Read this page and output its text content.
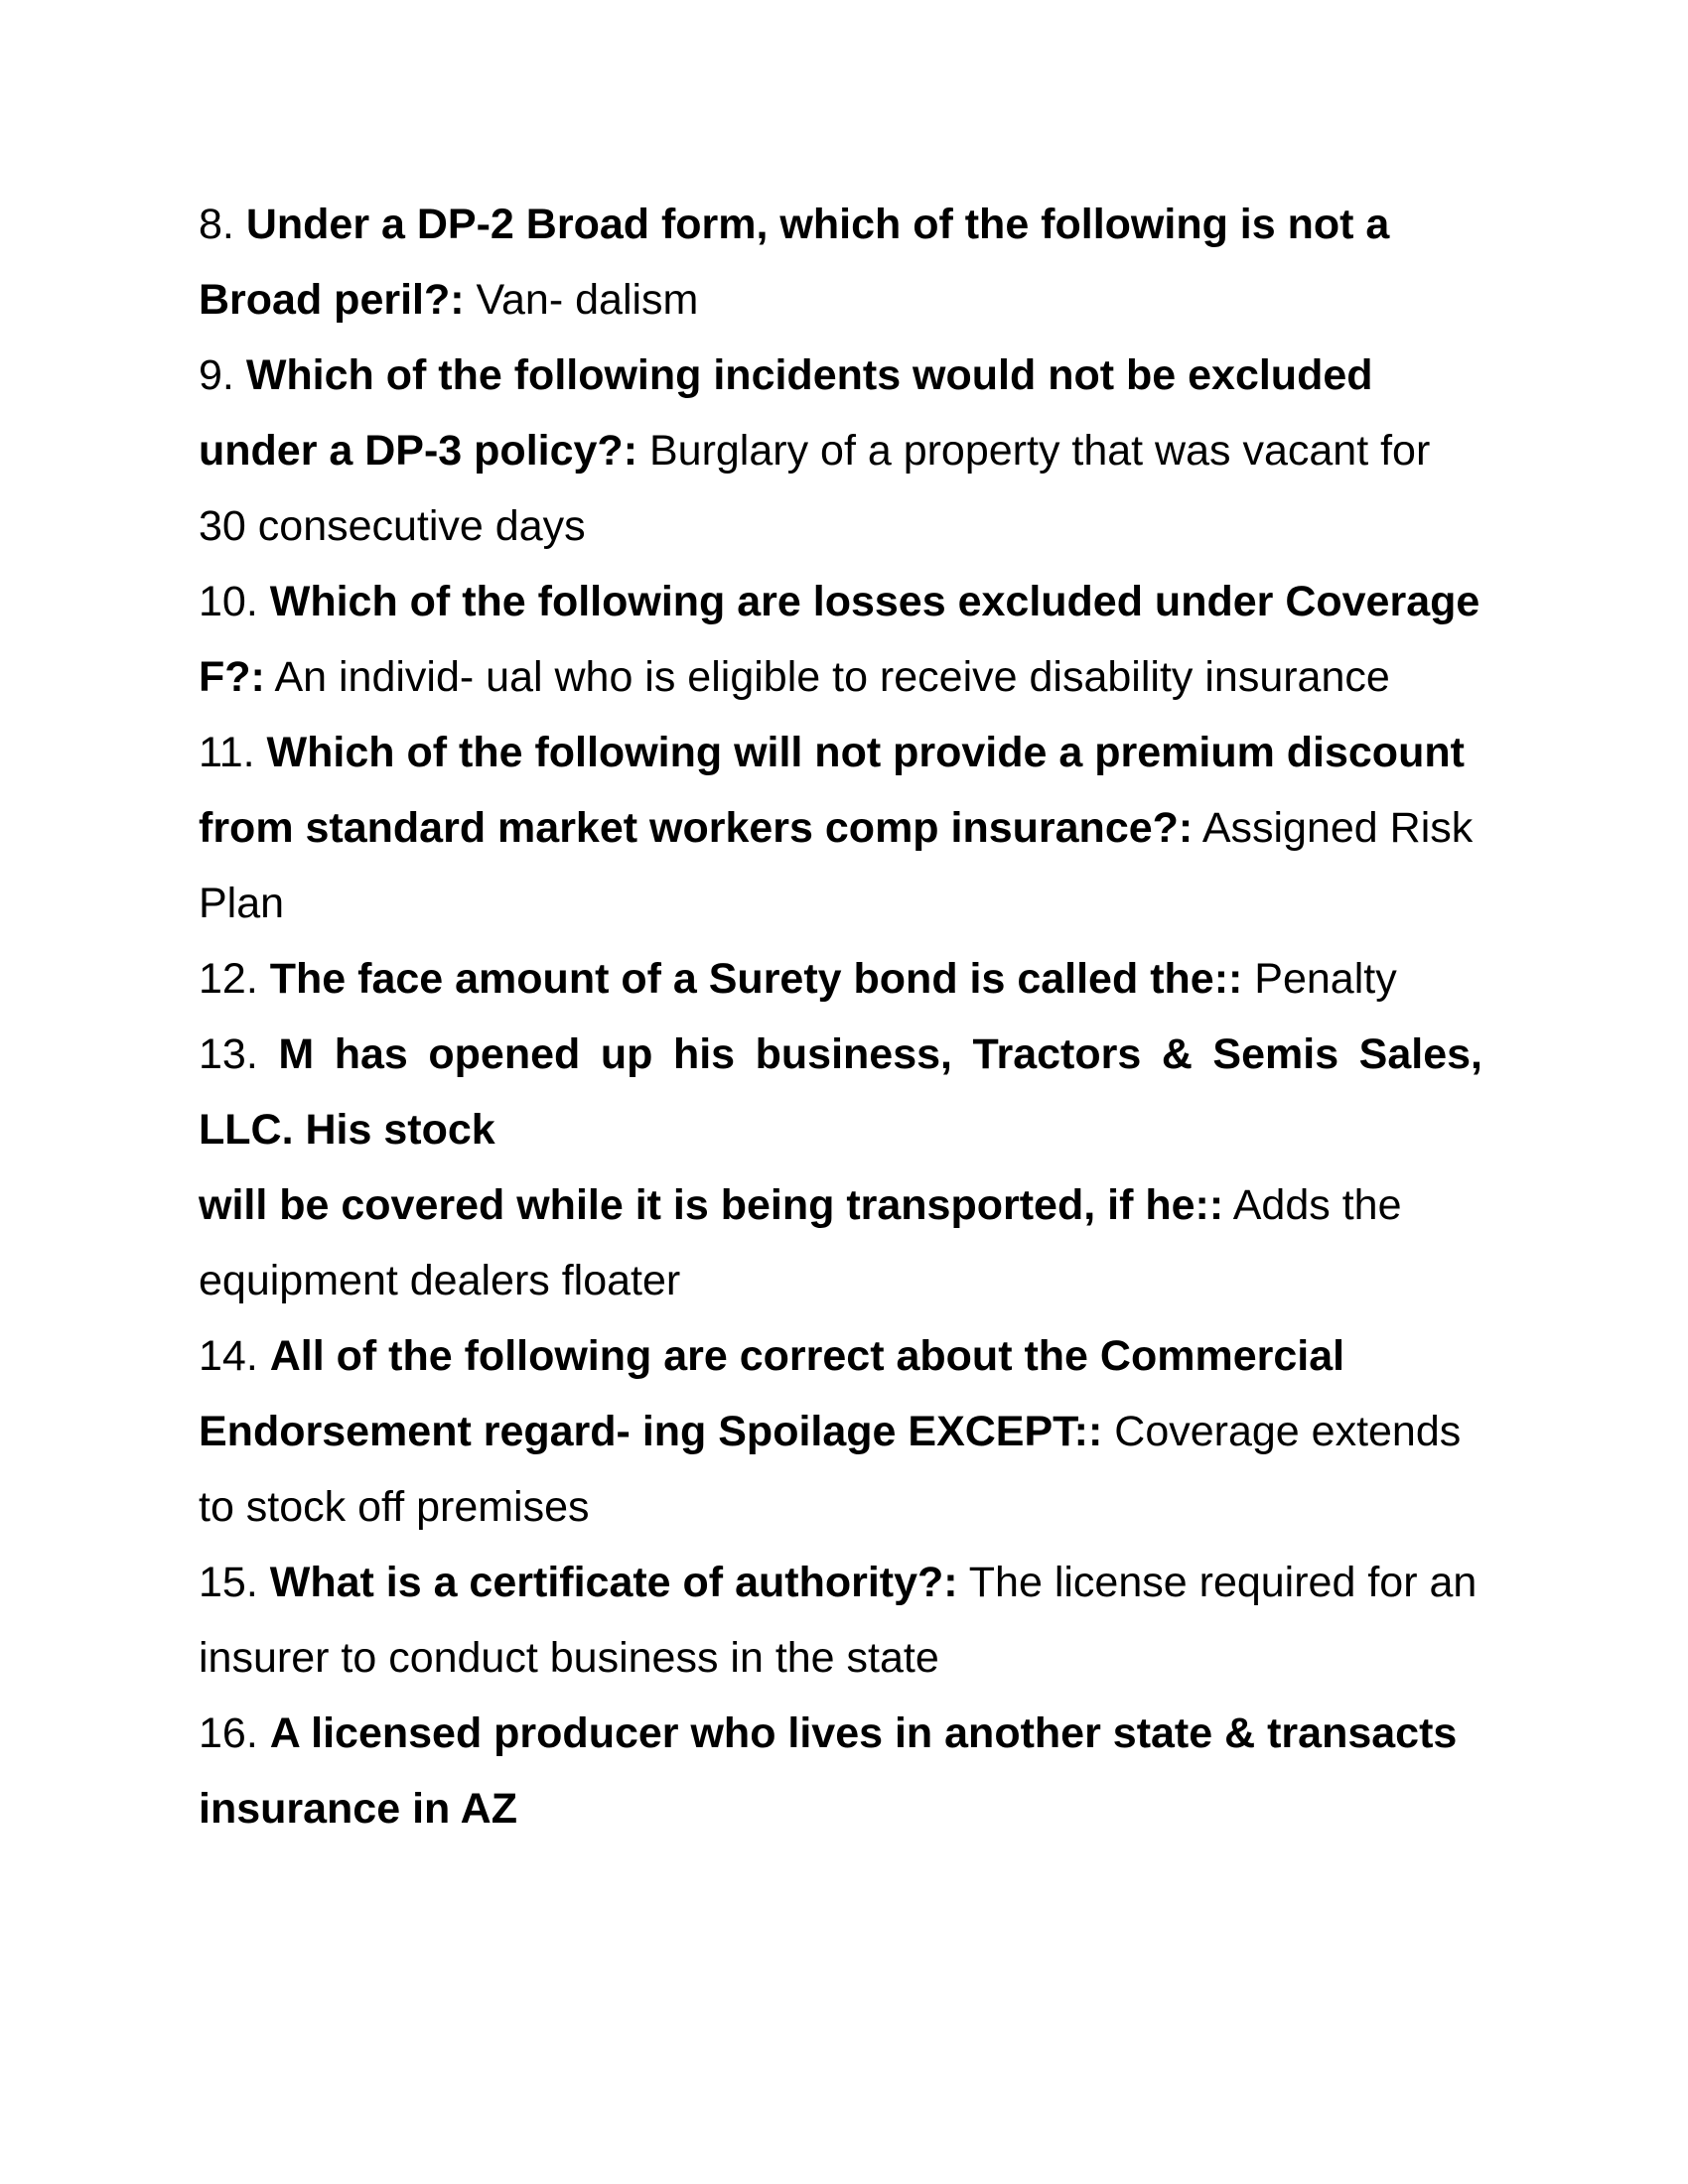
8. Under a DP-2 Broad form, which of the following is not a Broad peril?: Van- dalism

9. Which of the following incidents would not be excluded under a DP-3 policy?: Burglary of a property that was vacant for 30 consecutive days

10. Which of the following are losses excluded under Coverage F?: An individ- ual who is eligible to receive disability insurance

11. Which of the following will not provide a premium discount from standard market workers comp insurance?: Assigned Risk Plan

12. The face amount of a Surety bond is called the:: Penalty

13. M has opened up his business, Tractors & Semis Sales,
LLC. His stock
will be covered while it is being transported, if he:: Adds the equipment dealers floater

14. All of the following are correct about the Commercial Endorsement regard- ing Spoilage EXCEPT:: Coverage extends to stock off premises

15. What is a certificate of authority?: The license required for an insurer to conduct business in the state

16. A licensed producer who lives in another state & transacts insurance in AZ
